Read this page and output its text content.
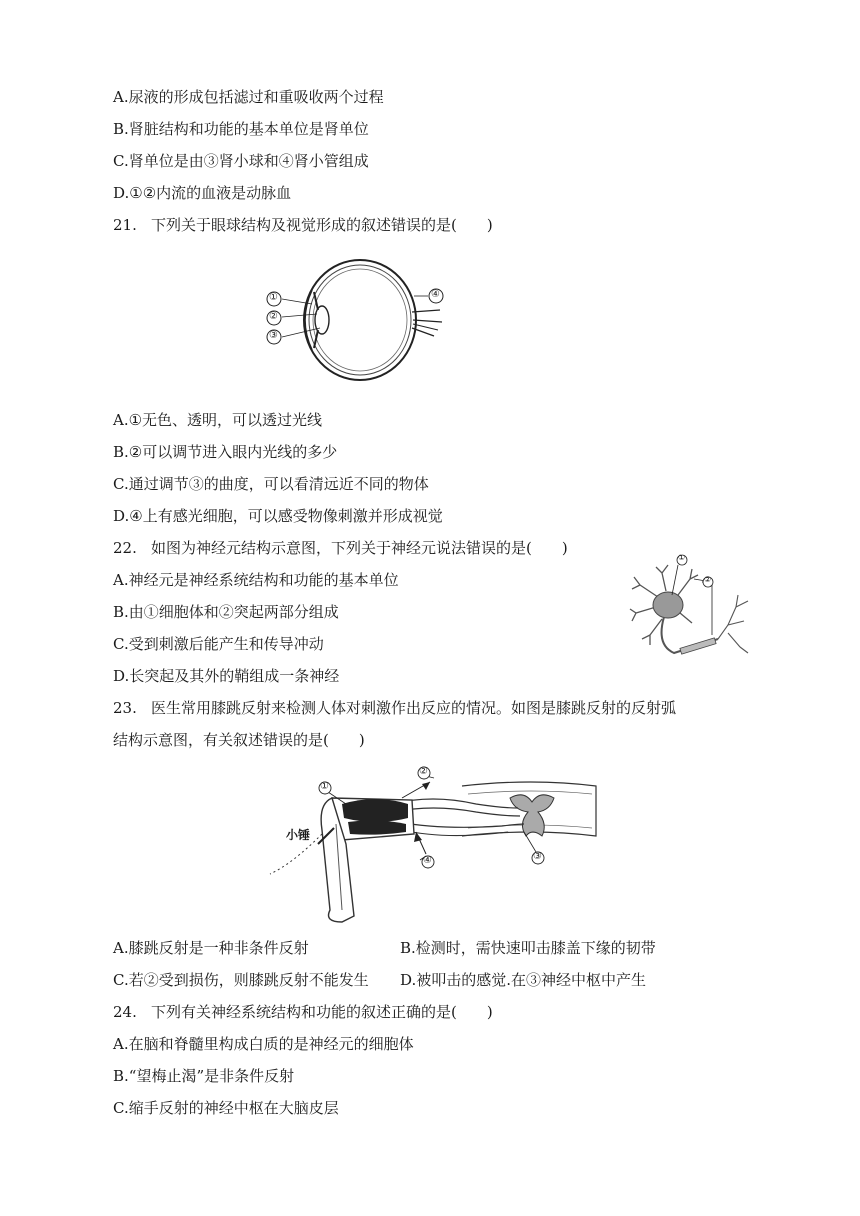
A.尿液的形成包括滤过和重吸收两个过程
B.肾脏结构和功能的基本单位是肾单位
C.肾单位是由③肾小球和④肾小管组成
D.①②内流的血液是动脉血
21. 下列关于眼球结构及视觉形成的叙述错误的是(　　)
①
②
③
④
A.①无色、透明，可以透过光线
B.②可以调节进入眼内光线的多少
C.通过调节③的曲度，可以看清远近不同的物体
D.④上有感光细胞，可以感受物像刺激并形成视觉
22. 如图为神经元结构示意图，下列关于神经元说法错误的是(　　)
A.神经元是神经系统结构和功能的基本单位
B.由①细胞体和②突起两部分组成
C.受到刺激后能产生和传导冲动
D.长突起及其外的鞘组成一条神经
①
②
23. 医生常用膝跳反射来检测人体对刺激作出反应的情况。如图是膝跳反射的反射弧
结构示意图，有关叙述错误的是(　　)
①
②
③
④
小锤
A.膝跳反射是一种非条件反射	B.检测时，需快速叩击膝盖下缘的韧带
C.若②受到损伤，则膝跳反射不能发生 D.被叩击的感觉.在③神经中枢中产生
24. 下列有关神经系统结构和功能的叙述正确的是(　　)
A.在脑和脊髓里构成白质的是神经元的细胞体
B.“望梅止渴”是非条件反射
C.缩手反射的神经中枢在大脑皮层
